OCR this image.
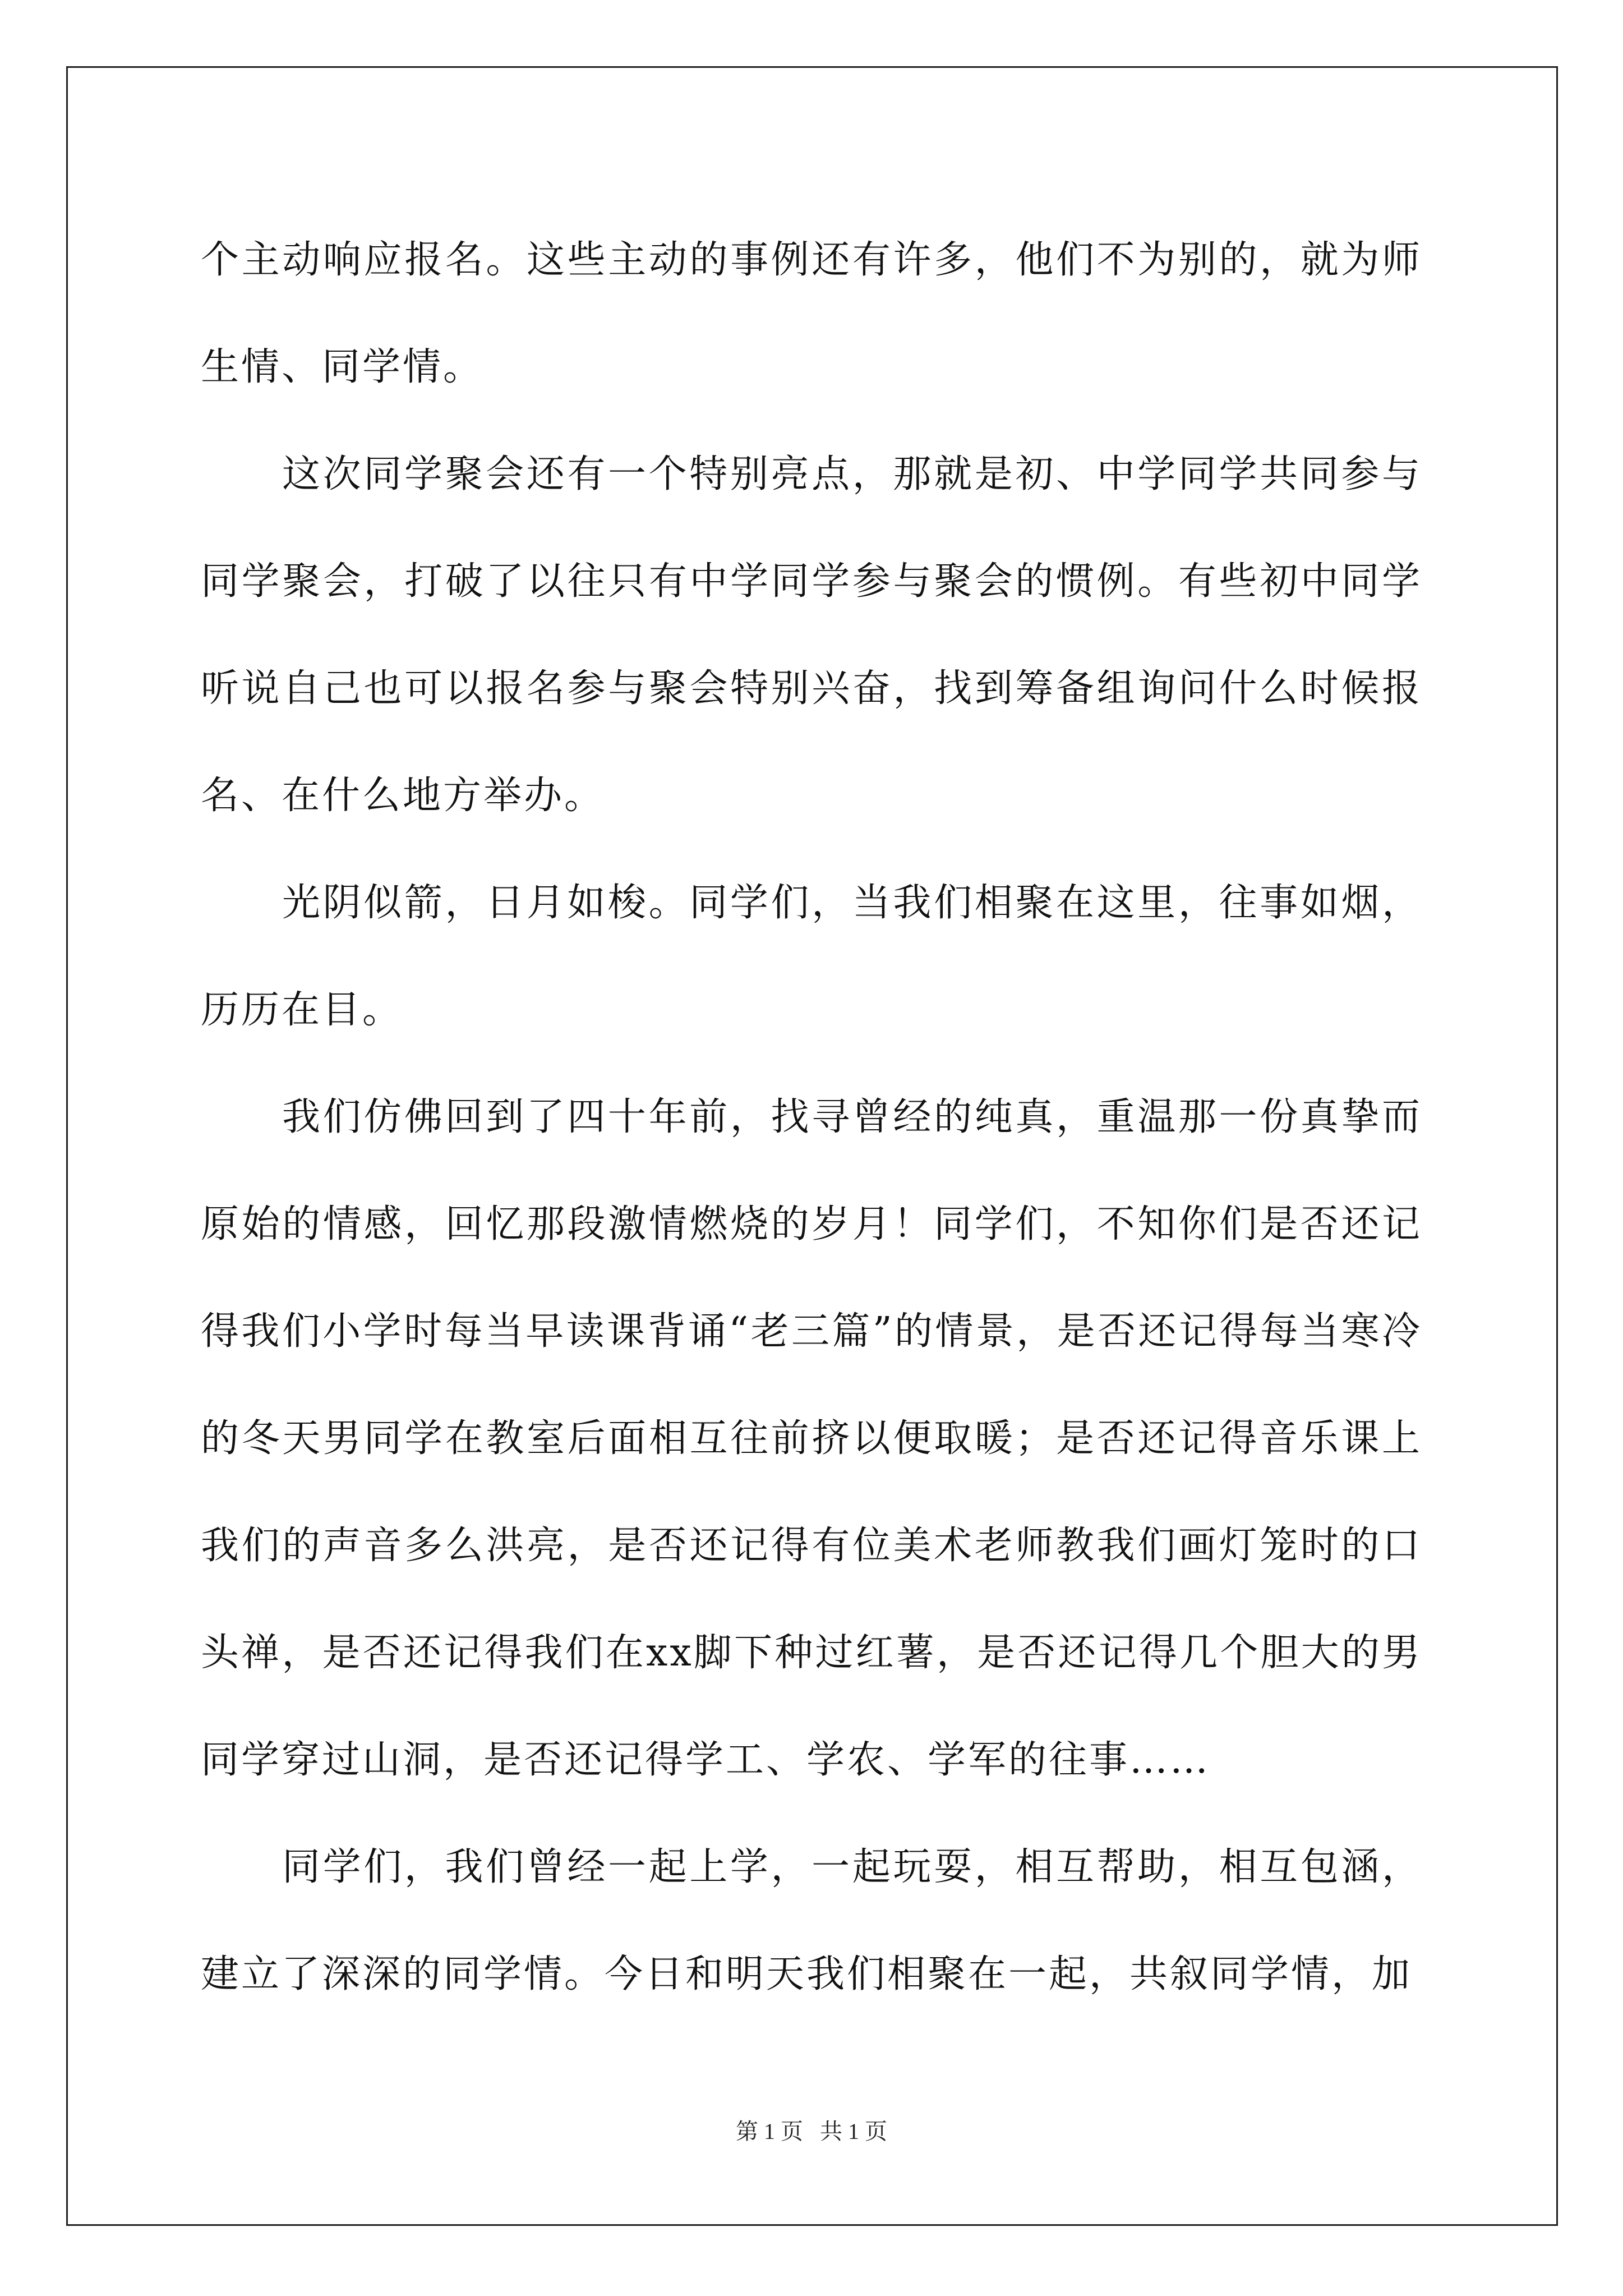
个主动响应报名。这些主动的事例还有许多，他们不为别的，就为师生情、同学情。

这次同学聚会还有一个特别亮点，那就是初、中学同学共同参与同学聚会，打破了以往只有中学同学参与聚会的惯例。有些初中同学听说自己也可以报名参与聚会特别兴奋，找到筹备组询问什么时候报名、在什么地方举办。

光阴似箭，日月如梭。同学们，当我们相聚在这里，往事如烟，历历在目。

我们仿佛回到了四十年前，找寻曾经的纯真，重温那一份真挚而原始的情感，回忆那段激情燃烧的岁月！同学们，不知你们是否还记得我们小学时每当早读课背诵“老三篇”的情景，是否还记得每当寒冷的冬天男同学在教室后面相互往前挤以便取暖；是否还记得音乐课上我们的声音多么洪亮，是否还记得有位美术老师教我们画灯笼时的口头禅，是否还记得我们在xx脚下种过红薯，是否还记得几个胆大的男同学穿过山洞，是否还记得学工、学农、学军的往事……

同学们，我们曾经一起上学，一起玩耍，相互帮助，相互包涵，建立了深深的同学情。今日和明天我们相聚在一起，共叙同学情，加

第 1 页   共 1 页
